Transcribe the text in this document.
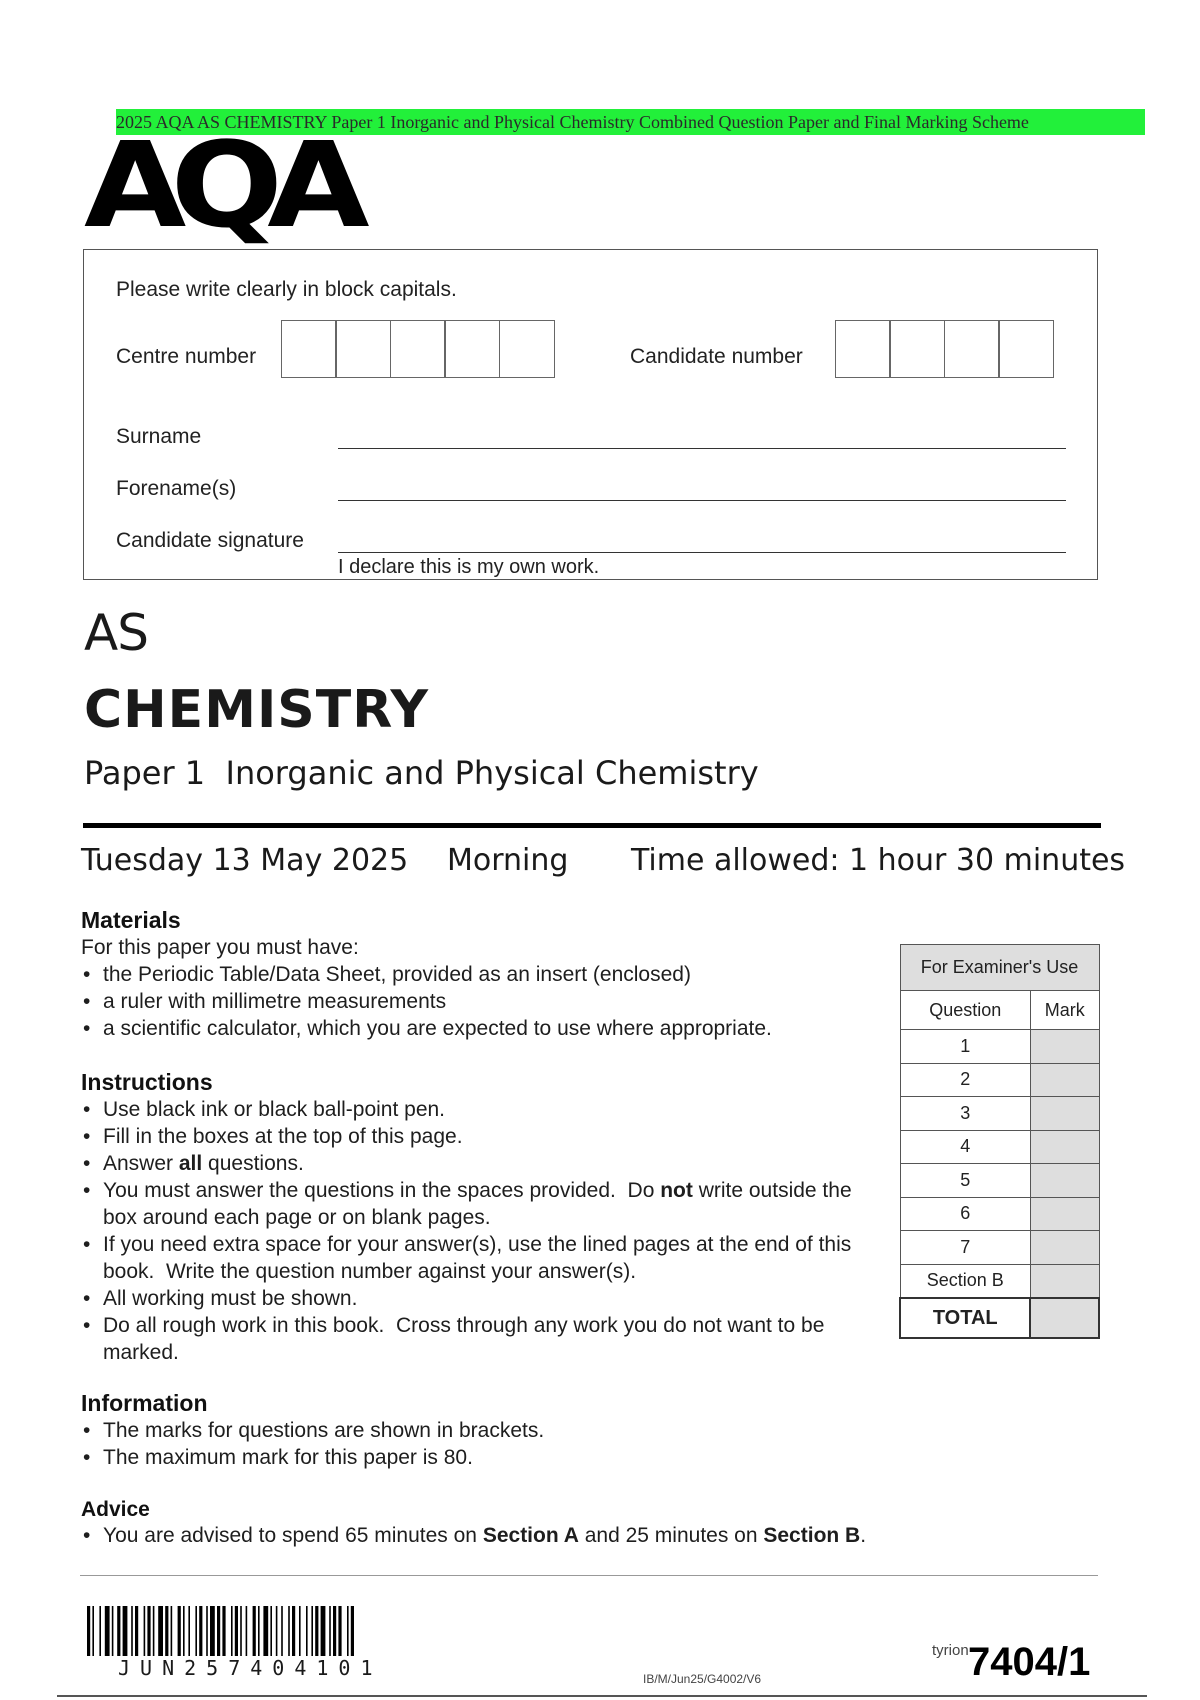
2025 AQA AS CHEMISTRY Paper 1 Inorganic and Physical Chemistry Combined Question Paper and Final Marking Scheme
AQA
Please write clearly in block capitals.
Centre number	Candidate number
Surname
Forename(s)
Candidate signature
I declare this is my own work.
AS
CHEMISTRY
Paper 1  Inorganic and Physical Chemistry
Tuesday 13 May 2025 Morning Time allowed: 1 hour 30 minutes
Materials
For this paper you must have:
• the Periodic Table/Data Sheet, provided as an insert (enclosed)
• a ruler with millimetre measurements
• a scientific calculator, which you are expected to use where appropriate.
Instructions
• Use black ink or black ball-point pen.
• Fill in the boxes at the top of this page.
• Answer all questions.
• You must answer the questions in the spaces provided.  Do not write outside the box around each page or on blank pages.
• If you need extra space for your answer(s), use the lined pages at the end of this book.  Write the question number against your answer(s).
• All working must be shown.
• Do all rough work in this book.  Cross through any work you do not want to be marked.
Information
• The marks for questions are shown in brackets.
• The maximum mark for this paper is 80.
Advice
• You are advised to spend 65 minutes on Section A and 25 minutes on Section B.
For Examiner's Use	
Question	Mark
1	
2	
3	
4	
5	
6	
7	
Section B	
TOTAL	
JUN257404101	IB/M/Jun25/G4002/V6
tyrion 7404/1
